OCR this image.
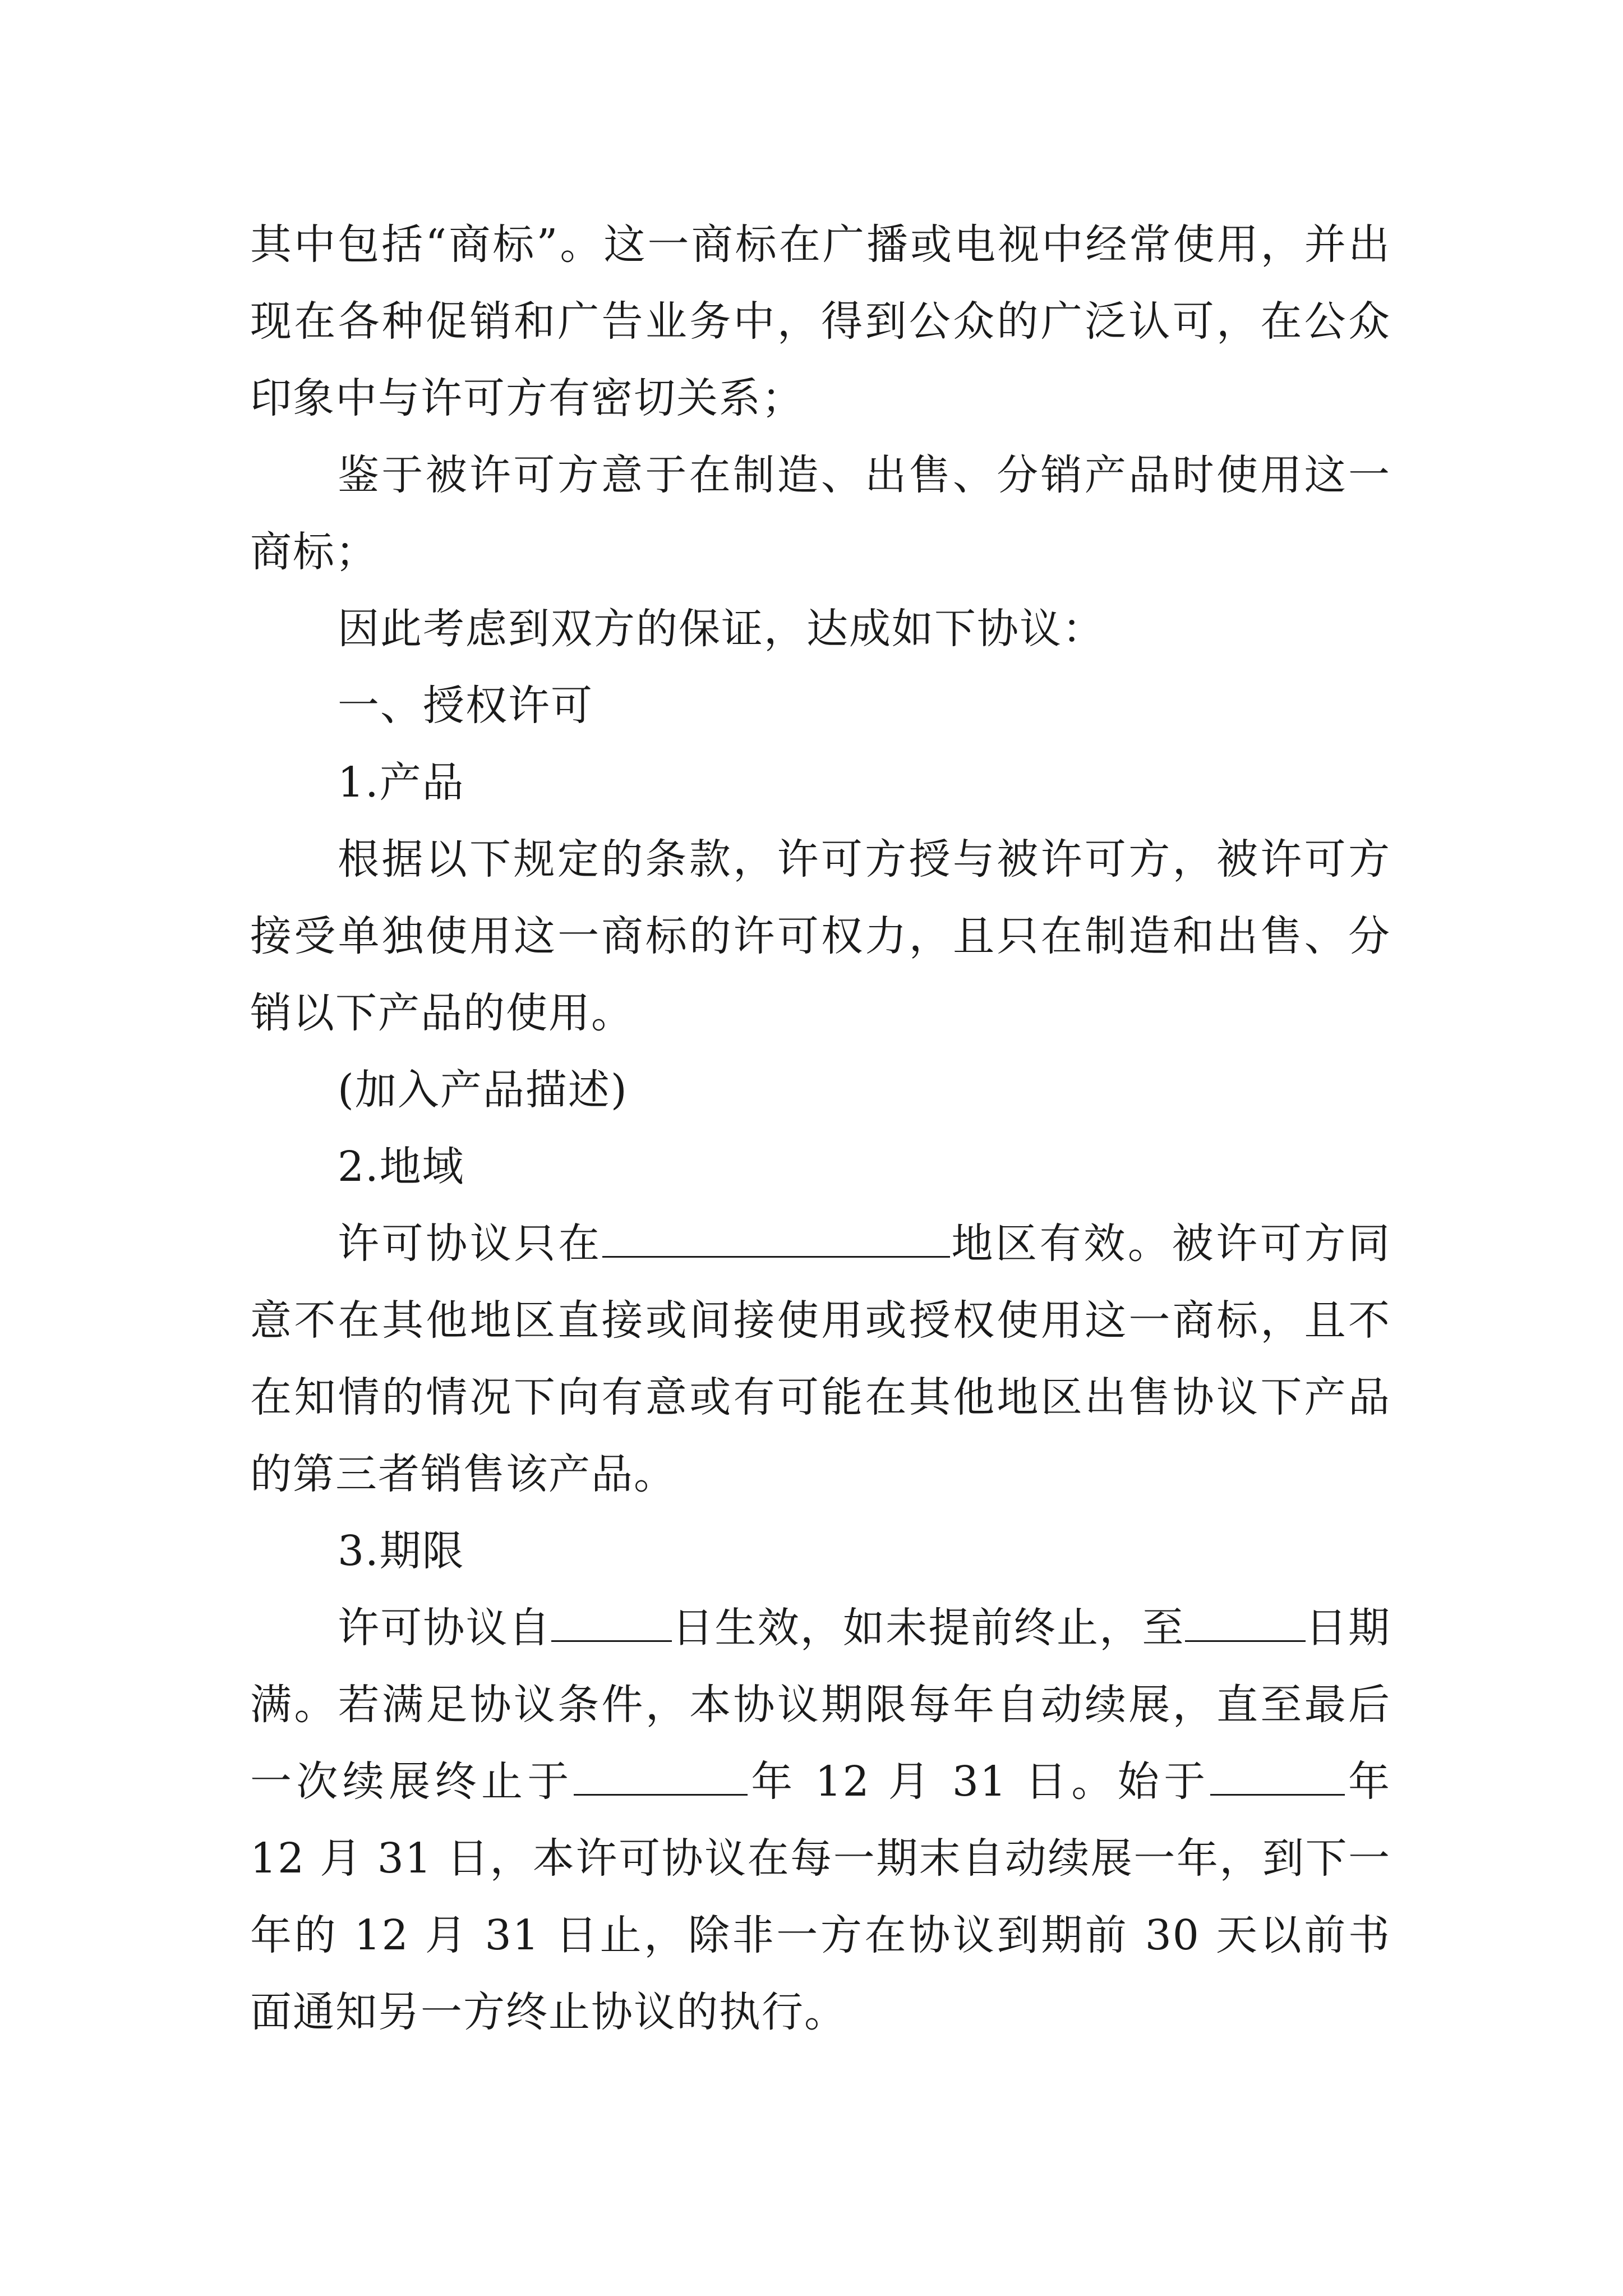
其中包括“商标”。这一商标在广播或电视中经常使用，并出现在各种促销和广告业务中，得到公众的广泛认可，在公众印象中与许可方有密切关系；

鉴于被许可方意于在制造、出售、分销产品时使用这一商标；

因此考虑到双方的保证，达成如下协议：

一、授权许可

1.产品

根据以下规定的条款，许可方授与被许可方，被许可方接受单独使用这一商标的许可权力，且只在制造和出售、分销以下产品的使用。

(加入产品描述)

2.地域

许可协议只在	地区有效。被许可方同意不在其他地区直接或间接使用或授权使用这一商标，且不在知情的情况下向有意或有可能在其他地区出售协议下产品的第三者销售该产品。

3.期限

许可协议自	日生效，如未提前终止，至	日期满。若满足协议条件，本协议期限每年自动续展，直至最后一次续展终止于	年 12 月 31 日。始于	年 12 月 31 日，本许可协议在每一期末自动续展一年，到下一年的 12 月 31 日止，除非一方在协议到期前 30 天以前书面通知另一方终止协议的执行。
